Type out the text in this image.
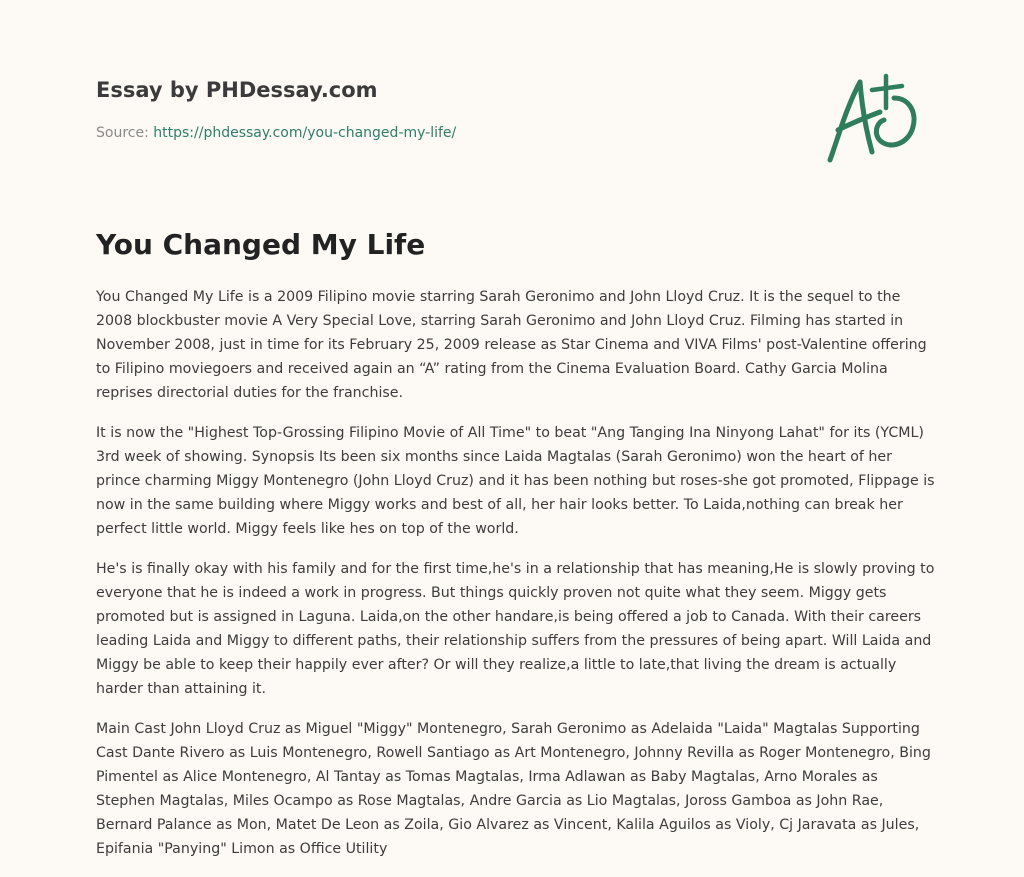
Essay by PHDessay.com
Source: https://phdessay.com/you-changed-my-life/
You Changed My Life

You Changed My Life is a 2009 Filipino movie starring Sarah Geronimo and John Lloyd Cruz. It is the sequel to the 2008 blockbuster movie A Very Special Love, starring Sarah Geronimo and John Lloyd Cruz. Filming has started in November 2008, just in time for its February 25, 2009 release as Star Cinema and VIVA Films' post-Valentine offering to Filipino moviegoers and received again an “A” rating from the Cinema Evaluation Board. Cathy Garcia Molina reprises directorial duties for the franchise.

It is now the "Highest Top-Grossing Filipino Movie of All Time" to beat "Ang Tanging Ina Ninyong Lahat" for its (YCML) 3rd week of showing. Synopsis Its been six months since Laida Magtalas (Sarah Geronimo) won the heart of her prince charming Miggy Montenegro (John Lloyd Cruz) and it has been nothing but roses-she got promoted, Flippage is now in the same building where Miggy works and best of all, her hair looks better. To Laida,nothing can break her perfect little world. Miggy feels like hes on top of the world.

He's is finally okay with his family and for the first time,he's in a relationship that has meaning,He is slowly proving to everyone that he is indeed a work in progress. But things quickly proven not quite what they seem. Miggy gets promoted but is assigned in Laguna. Laida,on the other handare,is being offered a job to Canada. With their careers leading Laida and Miggy to different paths, their relationship suffers from the pressures of being apart. Will Laida and Miggy be able to keep their happily ever after? Or will they realize,a little to late,that living the dream is actually harder than attaining it.

Main Cast John Lloyd Cruz as Miguel "Miggy" Montenegro, Sarah Geronimo as Adelaida "Laida" Magtalas Supporting Cast Dante Rivero as Luis Montenegro, Rowell Santiago as Art Montenegro, Johnny Revilla as Roger Montenegro, Bing Pimentel as Alice Montenegro, Al Tantay as Tomas Magtalas, Irma Adlawan as Baby Magtalas, Arno Morales as Stephen Magtalas, Miles Ocampo as Rose Magtalas, Andre Garcia as Lio Magtalas, Joross Gamboa as John Rae, Bernard Palance as Mon, Matet De Leon as Zoila, Gio Alvarez as Vincent, Kalila Aguilos as Violy, Cj Jaravata as Jules, Epifania "Panying" Limon as Office Utility
